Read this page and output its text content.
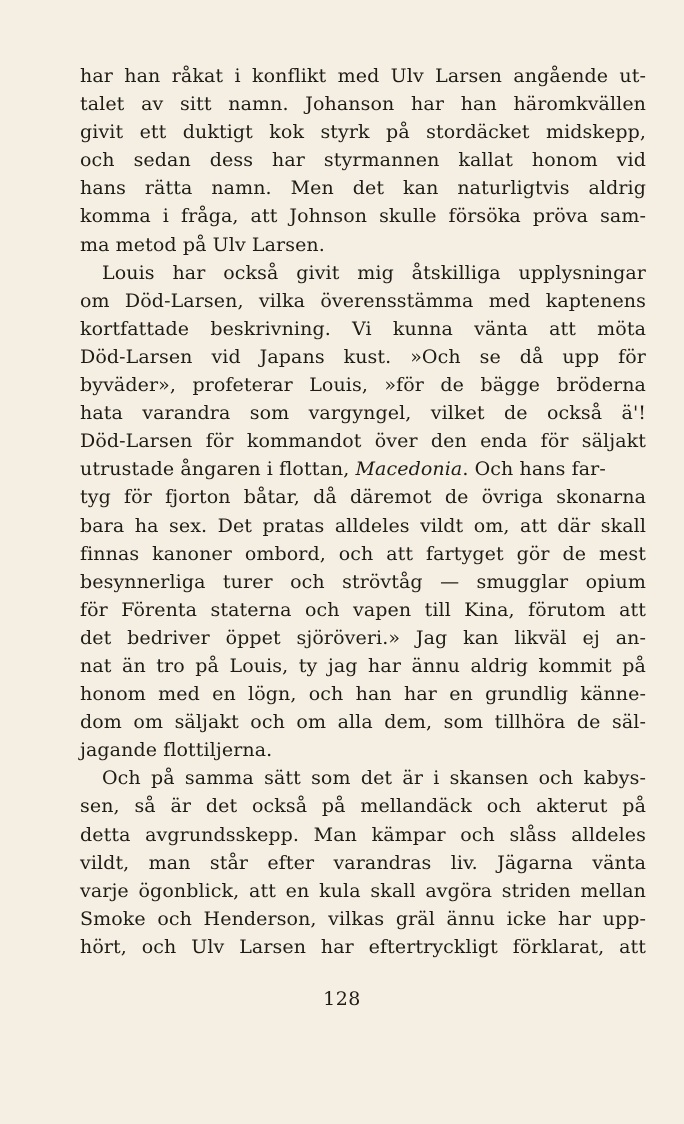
har han råkat i konflikt med Ulv Larsen angående ut-
talet av sitt namn. Johanson har han häromkvällen
givit ett duktigt kok styrk på stordäcket midskepp,
och sedan dess har styrmannen kallat honom vid
hans rätta namn. Men det kan naturligtvis aldrig
komma i fråga, att Johnson skulle försöka pröva sam-
ma metod på Ulv Larsen.
Louis har också givit mig åtskilliga upplysningar
om Död-Larsen, vilka överensstämma med kaptenens
kortfattade beskrivning. Vi kunna vänta att möta
Död-Larsen vid Japans kust. »Och se då upp för
byväder», profeterar Louis, »för de bägge bröderna
hata varandra som vargyngel, vilket de också ä'!
Död-Larsen för kommandot över den enda för säljakt
utrustade ångaren i flottan, Macedonia. Och hans far-
tyg för fjorton båtar, då däremot de övriga skonarna
bara ha sex. Det pratas alldeles vildt om, att där skall
finnas kanoner ombord, och att fartyget gör de mest
besynnerliga turer och strövtåg — smugglar opium
för Förenta staterna och vapen till Kina, förutom att
det bedriver öppet sjöröveri.» Jag kan likväl ej an-
nat än tro på Louis, ty jag har ännu aldrig kommit på
honom med en lögn, och han har en grundlig känne-
dom om säljakt och om alla dem, som tillhöra de säl-
jagande flottiljerna.
Och på samma sätt som det är i skansen och kabys-
sen, så är det också på mellandäck och akterut på
detta avgrundsskepp. Man kämpar och slåss alldeles
vildt, man står efter varandras liv. Jägarna vänta
varje ögonblick, att en kula skall avgöra striden mellan
Smoke och Henderson, vilkas gräl ännu icke har upp-
hört, och Ulv Larsen har eftertryckligt förklarat, att
128
